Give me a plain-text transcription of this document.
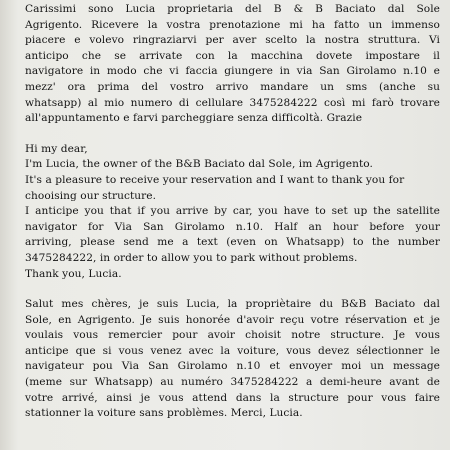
Carissimi sono Lucia proprietaria del B & B Baciato dal Sole
Agrigento. Ricevere la vostra prenotazione mi ha fatto un immenso
piacere e volevo ringraziarvi per aver scelto la nostra struttura. Vi
anticipo che se arrivate con la macchina dovete impostare il
navigatore in modo che vi faccia giungere in via San Girolamo n.10 e
mezz' ora prima del vostro arrivo mandare un sms (anche su
whatsapp) al mio numero di cellulare 3475284222 così mi farò trovare
all'appuntamento e farvi parcheggiare senza difficoltà. Grazie
Hi my dear,
I'm Lucia, the owner of the B&B Baciato dal Sole, im Agrigento.
It's a pleasure to receive your reservation and I want to thank you for
chooising our structure.
I anticipe you that if you arrive by car, you have to set up the satellite
navigator for Via San Girolamo n.10. Half an hour before your
arriving, please send me a text (even on Whatsapp) to the number
3475284222, in order to allow you to park without problems.
Thank you, Lucia.
Salut mes chères, je suis Lucia, la propriètaire du B&B Baciato dal
Sole, en Agrigento. Je suis honorée d'avoir reçu votre réservation et je
voulais vous remercier pour avoir choisit notre structure. Je vous
anticipe que si vous venez avec la voiture, vous devez sélectionner le
navigateur pou Via San Girolamo n.10 et envoyer moi un message
(meme sur Whatsapp) au numéro 3475284222 a demi-heure avant de
votre arrivé, ainsi je vous attend dans la structure pour vous faire
stationner la voiture sans problèmes. Merci, Lucia.
